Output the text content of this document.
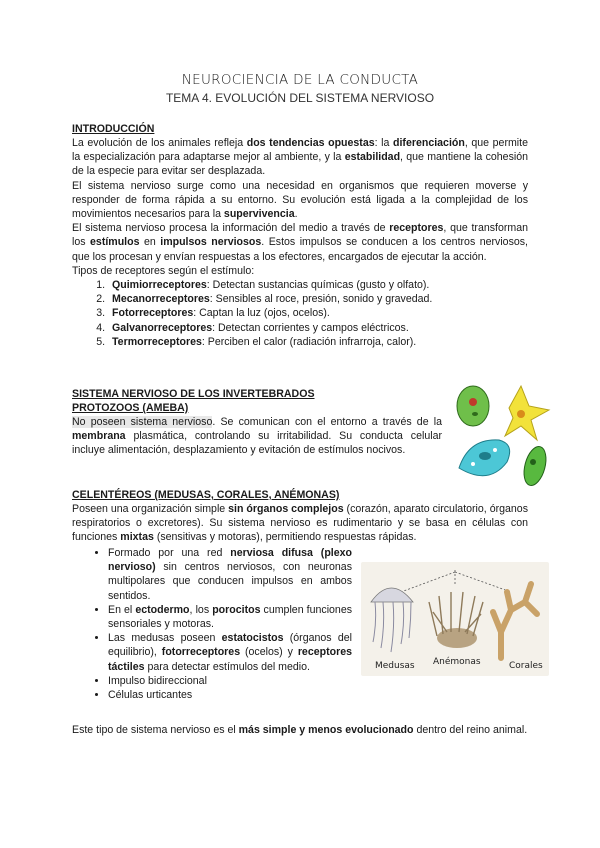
NEUROCIENCIA DE LA CONDUCTA
TEMA 4. EVOLUCIÓN DEL SISTEMA NERVIOSO
INTRODUCCIÓN
La evolución de los animales refleja dos tendencias opuestas: la diferenciación, que permite la especialización para adaptarse mejor al ambiente, y la estabilidad, que mantiene la cohesión de la especie para evitar ser desplazada.
El sistema nervioso surge como una necesidad en organismos que requieren moverse y responder de forma rápida a su entorno. Su evolución está ligada a la complejidad de los movimientos necesarios para la supervivencia.
El sistema nervioso procesa la información del medio a través de receptores, que transforman los estímulos en impulsos nerviosos. Estos impulsos se conducen a los centros nerviosos, que los procesan y envían respuestas a los efectores, encargados de ejecutar la acción.
Tipos de receptores según el estímulo:
1. Quimiorreceptores: Detectan sustancias químicas (gusto y olfato).
2. Mecanorreceptores: Sensibles al roce, presión, sonido y gravedad.
3. Fotorreceptores: Captan la luz (ojos, ocelos).
4. Galvanorreceptores: Detectan corrientes y campos eléctricos.
5. Termorreceptores: Perciben el calor (radiación infrarroja, calor).
SISTEMA NERVIOSO DE LOS INVERTEBRADOS
PROTOZOOS (AMEBA)
No poseen sistema nervioso. Se comunican con el entorno a través de la membrana plasmática, controlando su irritabilidad. Su conducta celular incluye alimentación, desplazamiento y evitación de estímulos nocivos.
CELENTÉREOS (MEDUSAS, CORALES, ANÉMONAS)
Poseen una organización simple sin órganos complejos (corazón, aparato circulatorio, órganos respiratorios o excretores). Su sistema nervioso es rudimentario y se basa en células con funciones mixtas (sensitivas y motoras), permitiendo respuestas rápidas.
• Formado por una red nerviosa difusa (plexo nervioso) sin centros nerviosos, con neuronas multipolares que conducen impulsos en ambos sentidos.
• En el ectodermo, los porocitos cumplen funciones sensoriales y motoras.
• Las medusas poseen estatocistos (órganos del equilibrio), fotorreceptores (ocelos) y receptores táctiles para detectar estímulos del medio.
• Impulso bidireccional
• Células urticantes
Medusas Anémonas	Corales
Este tipo de sistema nervioso es el más simple y menos evolucionado dentro del reino animal.
